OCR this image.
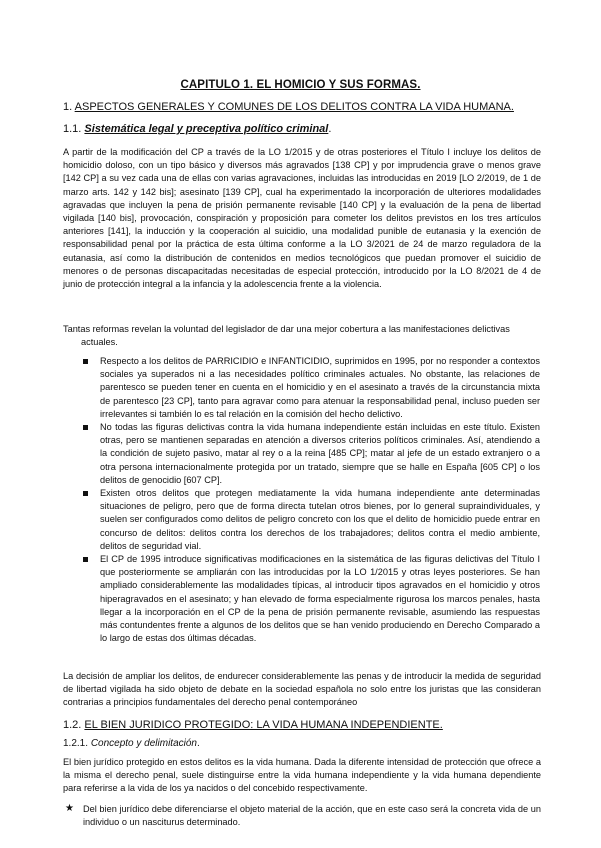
CAPITULO 1. EL HOMICIO Y SUS FORMAS.
1. ASPECTOS GENERALES Y COMUNES DE LOS DELITOS CONTRA LA VIDA HUMANA.
1.1. Sistemática legal y preceptiva político criminal.

A partir de la modificación del CP a través de la LO 1/2015 y de otras posteriores el Título I incluye los delitos de homicidio doloso, con un tipo básico y diversos más agravados [138 CP] y por imprudencia grave o menos grave [142 CP] a su vez cada una de ellas con varias agravaciones, incluidas las introducidas en 2019 [LO 2/2019, de 1 de marzo arts. 142 y 142 bis]; asesinato [139 CP], cual ha experimentado la incorporación de ulteriores modalidades agravadas que incluyen la pena de prisión permanente revisable [140 CP] y la evaluación de la pena de libertad vigilada [140 bis], provocación, conspiración y proposición para cometer los delitos previstos en los tres artículos anteriores [141], la inducción y la cooperación al suicidio, una modalidad punible de eutanasia y la exención de responsabilidad penal por la práctica de esta última conforme a la LO 3/2021 de 24 de marzo reguladora de la eutanasia, así como la distribución de contenidos en medios tecnológicos que puedan promover el suicidio de menores o de personas discapacitadas necesitadas de especial protección, introducido por la LO 8/2021 de 4 de junio de protección integral a la infancia y la adolescencia frente a la violencia.

Tantas reformas revelan la voluntad del legislador de dar una mejor cobertura a las manifestaciones delictivas
actuales.

Respecto a los delitos de PARRICIDIO e INFANTICIDIO, suprimidos en 1995, por no responder a contextos sociales ya superados ni a las necesidades político criminales actuales. No obstante, las relaciones de parentesco se pueden tener en cuenta en el homicidio y en el asesinato a través de la circunstancia mixta de parentesco [23 CP], tanto para agravar como para atenuar la responsabilidad penal, incluso pueden ser irrelevantes si también lo es tal relación en la comisión del hecho delictivo.
No todas las figuras delictivas contra la vida humana independiente están incluidas en este título. Existen otras, pero se mantienen separadas en atención a diversos criterios políticos criminales. Así, atendiendo a la condición de sujeto pasivo, matar al rey o a la reina [485 CP]; matar al jefe de un estado extranjero o a otra persona internacionalmente protegida por un tratado, siempre que se halle en España [605 CP] o los delitos de genocidio [607 CP].
Existen otros delitos que protegen mediatamente la vida humana independiente ante determinadas situaciones de peligro, pero que de forma directa tutelan otros bienes, por lo general supraindividuales, y suelen ser configurados como delitos de peligro concreto con los que el delito de homicidio puede entrar en concurso de delitos: delitos contra los derechos de los trabajadores; delitos contra el medio ambiente, delitos de seguridad vial.
El CP de 1995 introduce significativas modificaciones en la sistemática de las figuras delictivas del Título I que posteriormente se ampliarán con las introducidas por la LO 1/2015 y otras leyes posteriores. Se han ampliado considerablemente las modalidades típicas, al introducir tipos agravados en el homicidio y otros hiperagravados en el asesinato; y han elevado de forma especialmente rigurosa los marcos penales, hasta llegar a la incorporación en el CP de la pena de prisión permanente revisable, asumiendo las respuestas más contundentes frente a algunos de los delitos que se han venido produciendo en Derecho Comparado a lo largo de estas dos últimas décadas.

La decisión de ampliar los delitos, de endurecer considerablemente las penas y de introducir la medida de seguridad de libertad vigilada ha sido objeto de debate en la sociedad española no solo entre los juristas que las consideran contrarias a principios fundamentales del derecho penal contemporáneo

1.2. EL BIEN JURIDICO PROTEGIDO: LA VIDA HUMANA INDEPENDIENTE.
1.2.1. Concepto y delimitación.

El bien jurídico protegido en estos delitos es la vida humana. Dada la diferente intensidad de protección que ofrece a la misma el derecho penal, suele distinguirse entre la vida humana independiente y la vida humana dependiente para referirse a la vida de los ya nacidos o del concebido respectivamente.

★ Del bien jurídico debe diferenciarse el objeto material de la acción, que en este caso será la concreta vida de un individuo o un nasciturus determinado.
